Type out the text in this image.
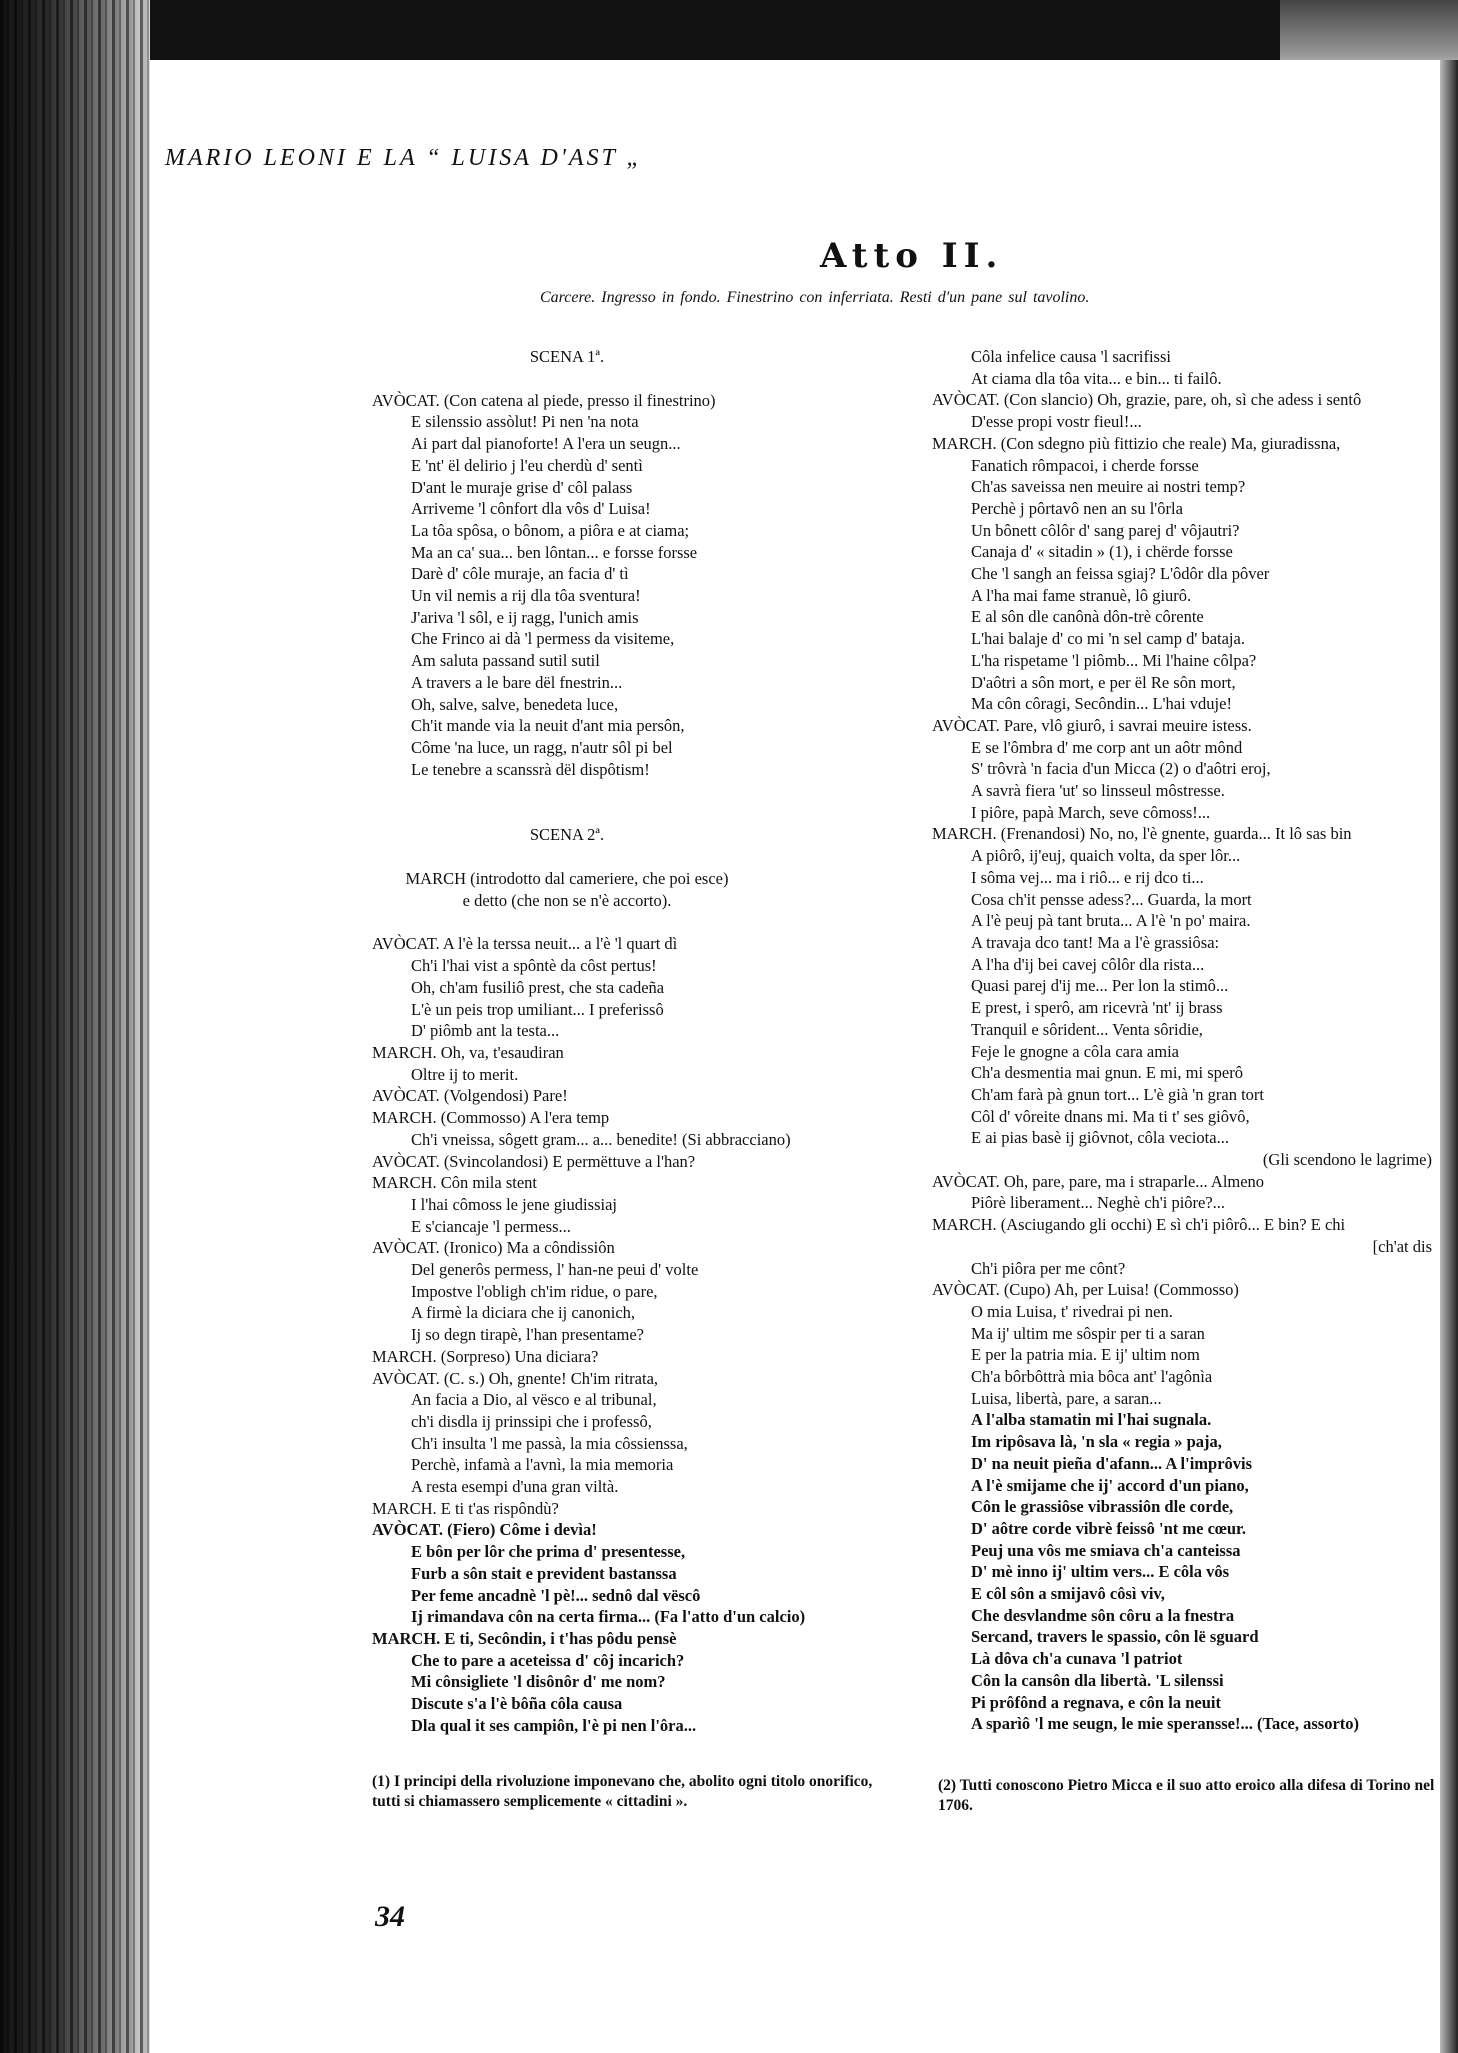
MARIO LEONI E LA “ LUISA D'AST „
Atto II.
Carcere. Ingresso in fondo. Finestrino con inferriata. Resti d'un pane sul tavolino.
SCENA 1ª.
AVÒCAT. (Con catena al piede, presso il finestrino)
E silenssio assòlut! Pi nen 'na nota
Ai part dal pianoforte! A l'era un seugn...
E 'nt' ël delirio j l'eu cherdù d' sentì
D'ant le muraje grise d' côl palass
Arriveme 'l cônfort dla vôs d' Luisa!
La tôa spôsa, o bônom, a piôra e at ciama;
Ma an ca' sua... ben lôntan... e forsse forsse
Darè d' côle muraje, an facia d' tì
Un vil nemis a rij dla tôa sventura!
J'ariva 'l sôl, e ij ragg, l'unich amis
Che Frinco ai dà 'l permess da visiteme,
Am saluta passand sutil sutil
A travers a le bare dël fnestrin...
Oh, salve, salve, benedeta luce,
Ch'it mande via la neuit d'ant mia persôn,
Côme 'na luce, un ragg, n'autr sôl pi bel
Le tenebre a scanssrà dël dispôtism!
SCENA 2ª.
MARCH (introdotto dal cameriere, che poi esce)
e detto (che non se n'è accorto).
AVÒCAT. A l'è la terssa neuit... a l'è 'l quart dì
Ch'i l'hai vist a spôntè da côst pertus!
Oh, ch'am fusiliô prest, che sta cadeña
L'è un peis trop umiliant... I preferissô
D' piômb ant la testa...
MARCH. Oh, va, t'esaudiran
Oltre ij to merit.
AVÒCAT. (Volgendosi) Pare!
MARCH. (Commosso) A l'era temp
Ch'i vneissa, sôgett gram... a... benedite! (Si abbracciano)
AVÒCAT. (Svincolandosi) E permëttuve a l'han?
MARCH. Côn mila stent
I l'hai cômoss le jene giudissiaj
E s'ciancaje 'l permess...
AVÒCAT. (Ironico) Ma a côndissiôn
Del generôs permess, l' han-ne peui d' volte
Impostve l'obligh ch'im ridue, o pare,
A firmè la diciara che ij canonich,
Ij so degn tirapè, l'han presentame?
MARCH. (Sorpreso) Una diciara?
AVÒCAT. (C. s.) Oh, gnente! Ch'im ritrata,
An facia a Dio, al vësco e al tribunal,
ch'i disdla ij prinssipi che i professô,
Ch'i insulta 'l me passà, la mia côssienssa,
Perchè, infamà a l'avnì, la mia memoria
A resta esempi d'una gran viltà.
MARCH. E ti t'as rispôndù?
AVÒCAT. (Fiero) Côme i devìa!
E bôn per lôr che prima d' presentesse,
Furb a sôn stait e prevident bastanssa
Per feme ancadnè 'l pè!... sednô dal vëscô
Ij rimandava côn na certa firma... (Fa l'atto d'un calcio)
MARCH. E ti, Secôndin, i t'has pôdu pensè
Che to pare a aceteissa d' côj incarich?
Mi cônsigliete 'l disônôr d' me nom?
Discute s'a l'è bôña côla causa
Dla qual it ses campiôn, l'è pi nen l'ôra...
Côla infelice causa 'l sacrifissi
At ciama dla tôa vita... e bin... ti failô.
AVÒCAT. (Con slancio) Oh, grazie, pare, oh, sì che adess i sentô
D'esse propi vostr fieul!...
MARCH. (Con sdegno più fittizio che reale) Ma, giuradissna,
Fanatich rômpacoi, i cherde forsse
Ch'as saveissa nen meuire ai nostri temp?
Perchè j pôrtavô nen an su l'ôrla
Un bônett côlôr d' sang parej d' vôjautri?
Canaja d' « sitadin » (1), i chërde forsse
Che 'l sangh an feissa sgiaj? L'ôdôr dla pôver
A l'ha mai fame stranuè, lô giurô.
E al sôn dle canônà dôn-trè côrente
L'hai balaje d' co mi 'n sel camp d' bataja.
L'ha rispetame 'l piômb... Mi l'haine côlpa?
D'aôtri a sôn mort, e per ël Re sôn mort,
Ma côn côragi, Secôndin... L'hai vduje!
AVÒCAT. Pare, vlô giurô, i savrai meuire istess.
E se l'ômbra d' me corp ant un aôtr mônd
S' trôvrà 'n facia d'un Micca (2) o d'aôtri eroj,
A savrà fiera 'ut' so linsseul môstresse.
I piôre, papà March, seve cômoss!...
MARCH. (Frenandosi) No, no, l'è gnente, guarda... It lô sas bin
A piôrô, ij'euj, quaich volta, da sper lôr...
I sôma vej... ma i riô... e rij dco ti...
Cosa ch'it pensse adess?... Guarda, la mort
A l'è peuj pà tant bruta... A l'è 'n po' maira.
A travaja dco tant! Ma a l'è grassiôsa:
A l'ha d'ij bei cavej côlôr dla rista...
Quasi parej d'ij me... Per lon la stimô...
E prest, i sperô, am ricevrà 'nt' ij brass
Tranquil e sôrident... Venta sôridie,
Feje le gnogne a côla cara amia
Ch'a desmentia mai gnun. E mi, mi sperô
Ch'am farà pà gnun tort... L'è già 'n gran tort
Côl d' vôreite dnans mi. Ma ti t' ses giôvô,
E ai pias basè ij giôvnot, côla veciota...
(Gli scendono le lagrime)
AVÒCAT. Oh, pare, pare, ma i straparle... Almeno
Piôrè liberament... Neghè ch'i piôre?...
MARCH. (Asciugando gli occhi) E sì ch'i piôrô... E bin? E chi
[ch'at dis
Ch'i piôra per me cônt?
AVÒCAT. (Cupo) Ah, per Luisa! (Commosso)
O mia Luisa, t' rivedrai pi nen.
Ma ij' ultim me sôspir per ti a saran
E per la patria mia. E ij' ultim nom
Ch'a bôrbôttrà mia bôca ant' l'agônìa
Luisa, libertà, pare, a saran...
A l'alba stamatin mi l'hai sugnala.
Im ripôsava là, 'n sla « regia » paja,
D' na neuit pieña d'afann... A l'imprôvis
A l'è smijame che ij' accord d'un piano,
Côn le grassiôse vibrassiôn dle corde,
D' aôtre corde vibrè feissô 'nt me cœur.
Peuj una vôs me smiava ch'a canteissa
D' mè inno ij' ultim vers... E côla vôs
E côl sôn a smijavô côsì viv,
Che desvlandme sôn côru a la fnestra
Sercand, travers le spassio, côn lë sguard
Là dôva ch'a cunava 'l patriot
Côn la cansôn dla libertà. 'L silenssi
Pi prôfônd a regnava, e côn la neuit
A sparìô 'l me seugn, le mie speransse!... (Tace, assorto)
(1) I principi della rivoluzione imponevano che, abolito ogni titolo onorifico, tutti si chiamassero semplicemente « cittadini ».
(2) Tutti conoscono Pietro Micca e il suo atto eroico alla difesa di Torino nel 1706.
34
